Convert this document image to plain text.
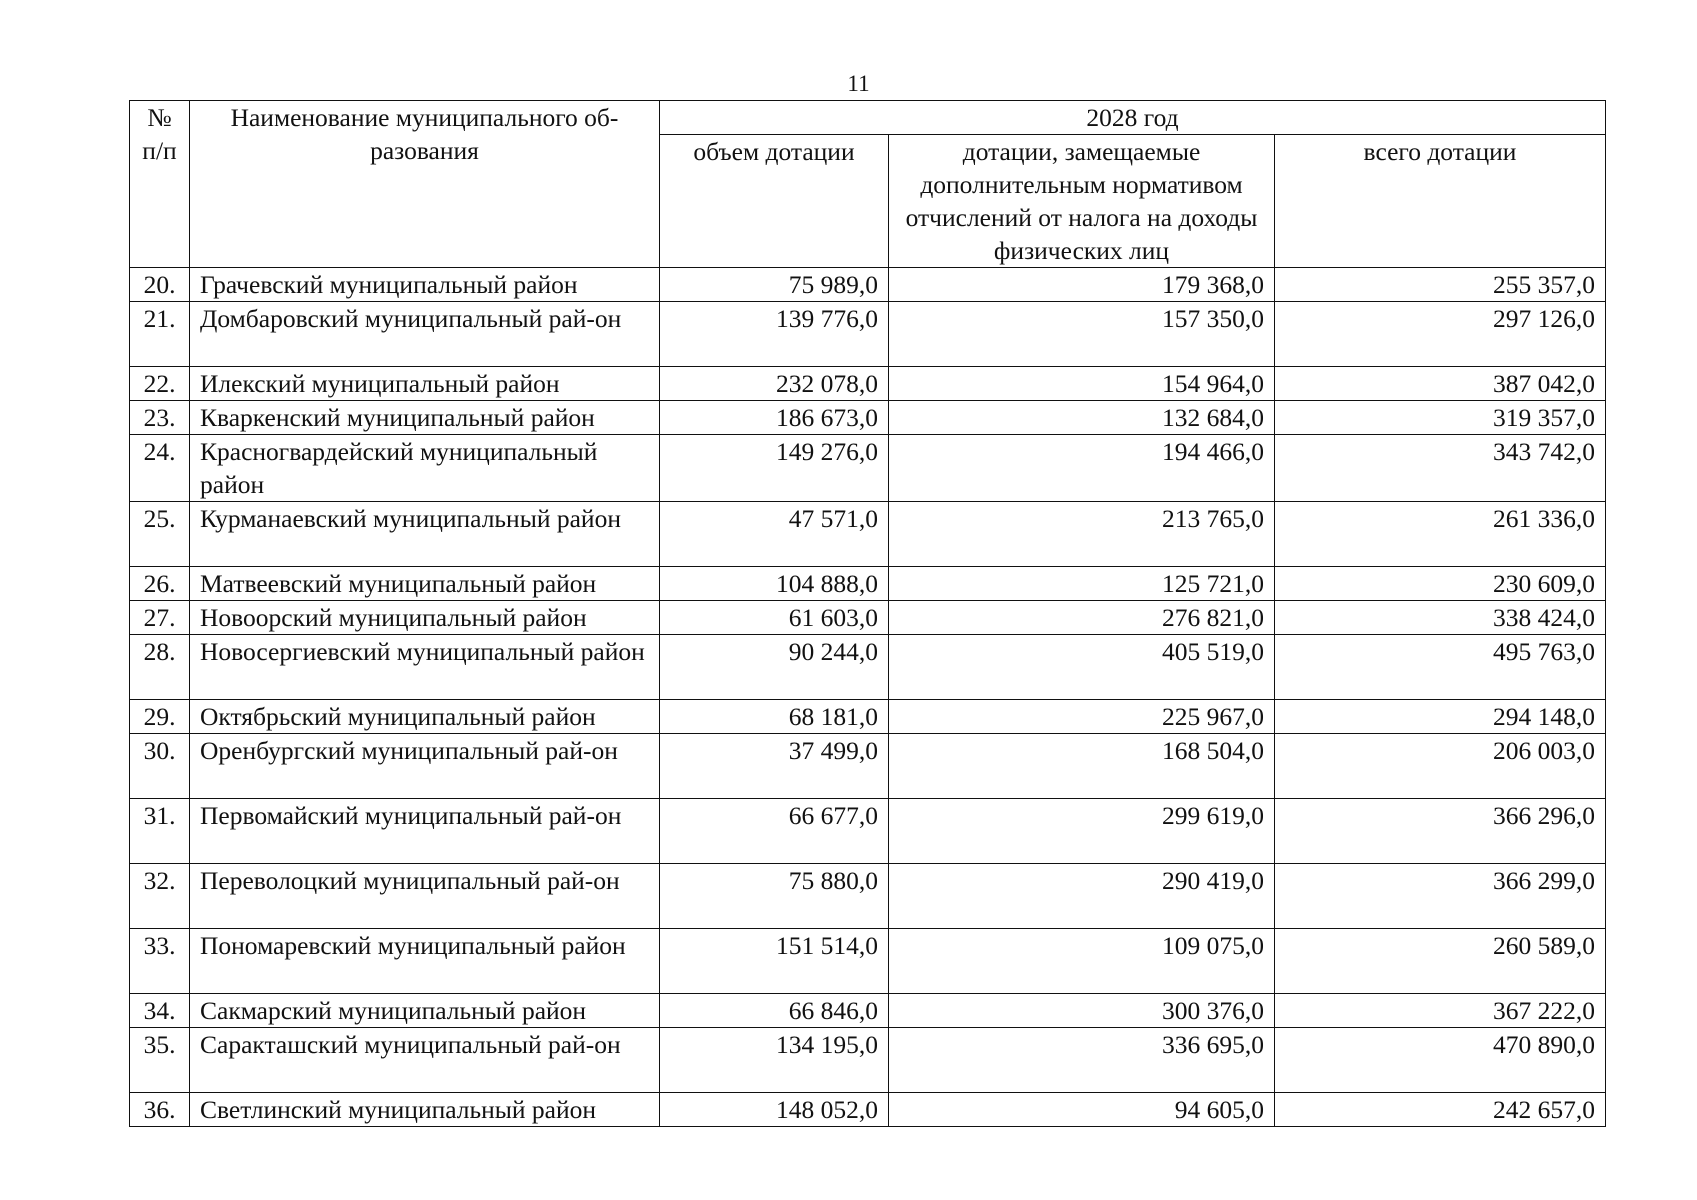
11
№ п/п	Наименование муниципального об-разования	2028 год		
		объем дотации	дотации, замещаемые дополнительным нормативом отчислений от налога на доходы физических лиц	всего дотации
20.	Грачевский муниципальный район	75 989,0	179 368,0	255 357,0
21.	Домбаровский муниципальный рай-он	139 776,0	157 350,0	297 126,0
22.	Илекский муниципальный район	232 078,0	154 964,0	387 042,0
23.	Кваркенский муниципальный район	186 673,0	132 684,0	319 357,0
24.	Красногвардейский муниципальный район	149 276,0	194 466,0	343 742,0
25.	Курманаевский муниципальный район	47 571,0	213 765,0	261 336,0
26.	Матвеевский муниципальный район	104 888,0	125 721,0	230 609,0
27.	Новоорский муниципальный район	61 603,0	276 821,0	338 424,0
28.	Новосергиевский муниципальный район	90 244,0	405 519,0	495 763,0
29.	Октябрьский муниципальный район	68 181,0	225 967,0	294 148,0
30.	Оренбургский муниципальный рай-он	37 499,0	168 504,0	206 003,0
31.	Первомайский муниципальный рай-он	66 677,0	299 619,0	366 296,0
32.	Переволоцкий муниципальный рай-он	75 880,0	290 419,0	366 299,0
33.	Пономаревский муниципальный район	151 514,0	109 075,0	260 589,0
34.	Сакмарский муниципальный район	66 846,0	300 376,0	367 222,0
35.	Саракташский муниципальный рай-он	134 195,0	336 695,0	470 890,0
36.	Светлинский муниципальный район	148 052,0	94 605,0	242 657,0
